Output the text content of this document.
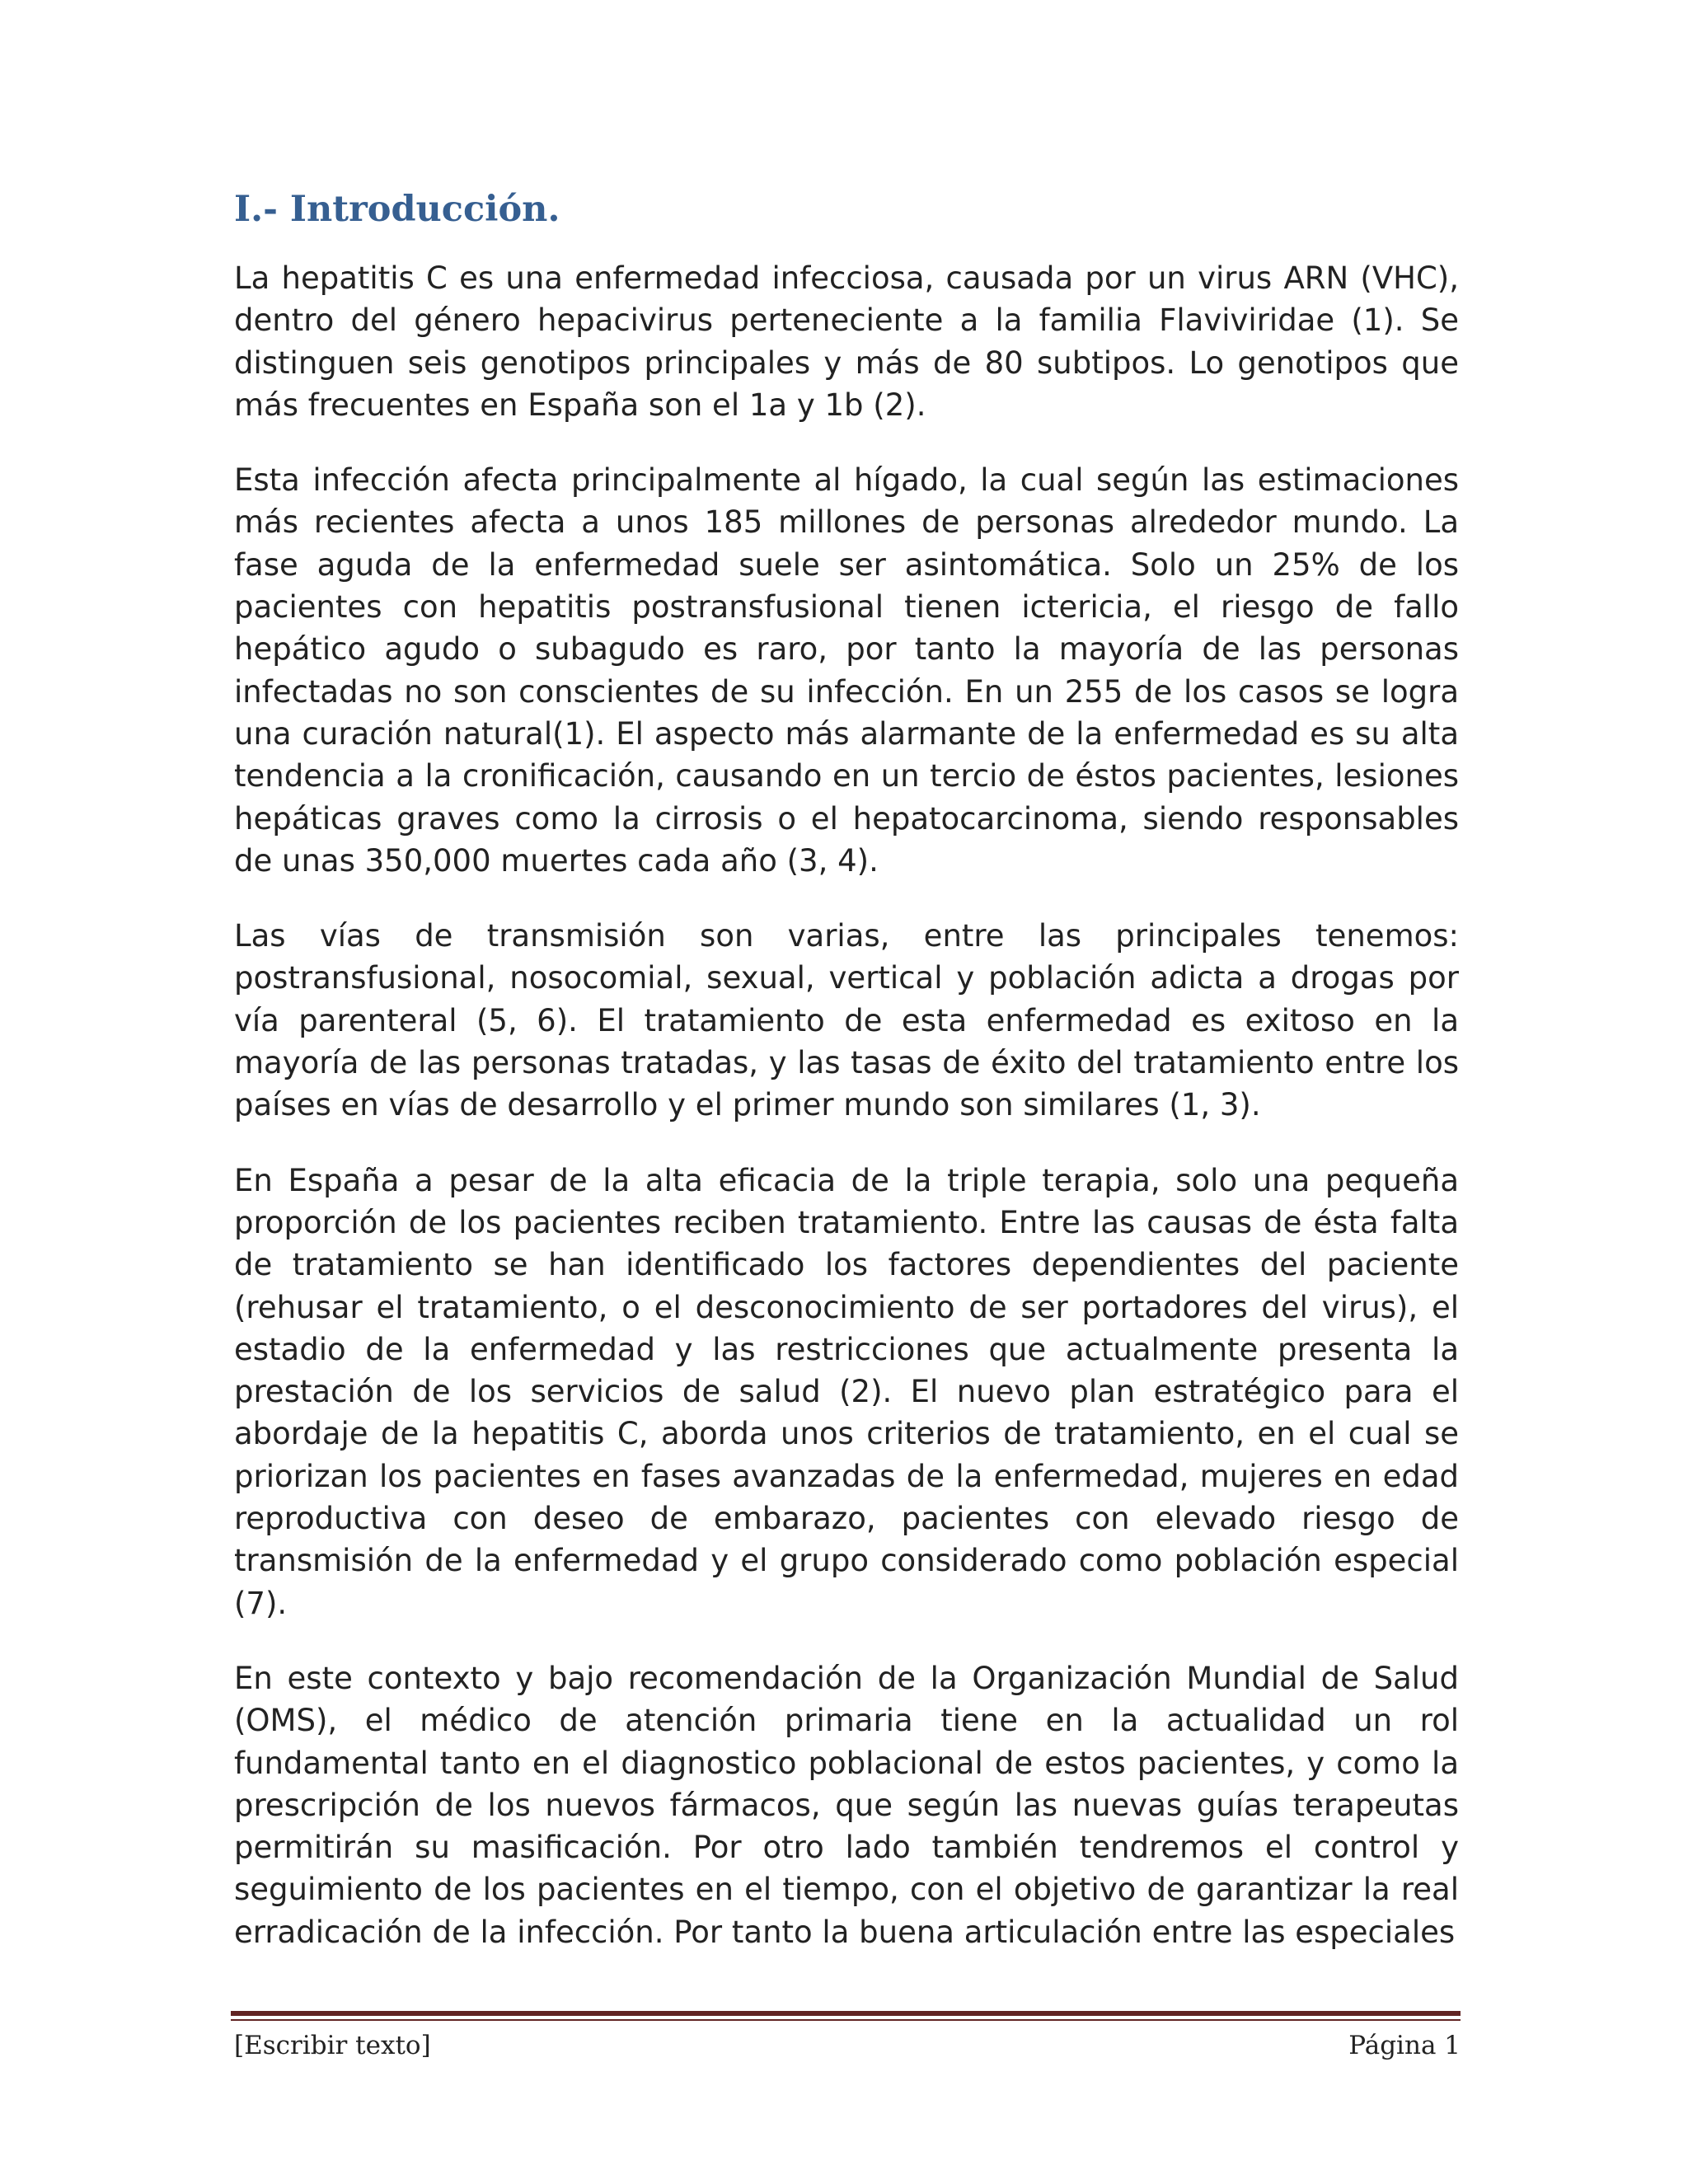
I.- Introducción.

La hepatitis C es una enfermedad infecciosa, causada por un virus ARN (VHC), dentro del género hepacivirus perteneciente a la familia Flaviviridae (1). Se distinguen seis genotipos principales y más de 80 subtipos. Lo genotipos que más frecuentes en España son el 1a y 1b (2).

Esta infección afecta principalmente al hígado, la cual según las estimaciones más recientes afecta a unos 185 millones de personas alrededor mundo. La fase aguda de la enfermedad suele ser asintomática. Solo un 25% de los pacientes con hepatitis postransfusional tienen ictericia, el riesgo de fallo hepático agudo o subagudo es raro, por tanto la mayoría de las personas infectadas no son conscientes de su infección. En un 255 de los casos se logra una curación natural(1). El aspecto más alarmante de la enfermedad es su alta tendencia a la cronificación, causando en un tercio de éstos pacientes, lesiones hepáticas graves como la cirrosis o el hepatocarcinoma, siendo responsables de unas 350,000 muertes cada año (3, 4).

Las vías de transmisión son varias, entre las principales tenemos: postransfusional, nosocomial, sexual, vertical y población adicta a drogas por vía parenteral (5, 6). El tratamiento de esta enfermedad es exitoso en la mayoría de las personas tratadas, y las tasas de éxito del tratamiento entre los países en vías de desarrollo y el primer mundo son similares (1, 3).

En España a pesar de la alta eficacia de la triple terapia, solo una pequeña proporción de los pacientes reciben tratamiento. Entre las causas de ésta falta de tratamiento se han identificado los factores dependientes del paciente (rehusar el tratamiento, o el desconocimiento de ser portadores del virus), el estadio de la enfermedad y las restricciones que actualmente presenta la prestación de los servicios de salud (2). El nuevo plan estratégico para el abordaje de la hepatitis C, aborda unos criterios de tratamiento, en el cual se priorizan los pacientes en fases avanzadas de la enfermedad, mujeres en edad reproductiva con deseo de embarazo, pacientes con elevado riesgo de transmisión de la enfermedad y el grupo considerado como población especial (7).

En este contexto y bajo recomendación de la Organización Mundial de Salud (OMS), el médico de atención primaria tiene en la actualidad un rol fundamental tanto en el diagnostico poblacional de estos pacientes, y como la prescripción de los nuevos fármacos, que según las nuevas guías terapeutas permitirán su masificación. Por otro lado también tendremos el control y seguimiento de los pacientes en el tiempo, con el objetivo de garantizar la real erradicación de la infección. Por tanto la buena articulación entre las especiales

[Escribir texto]	Página 1
